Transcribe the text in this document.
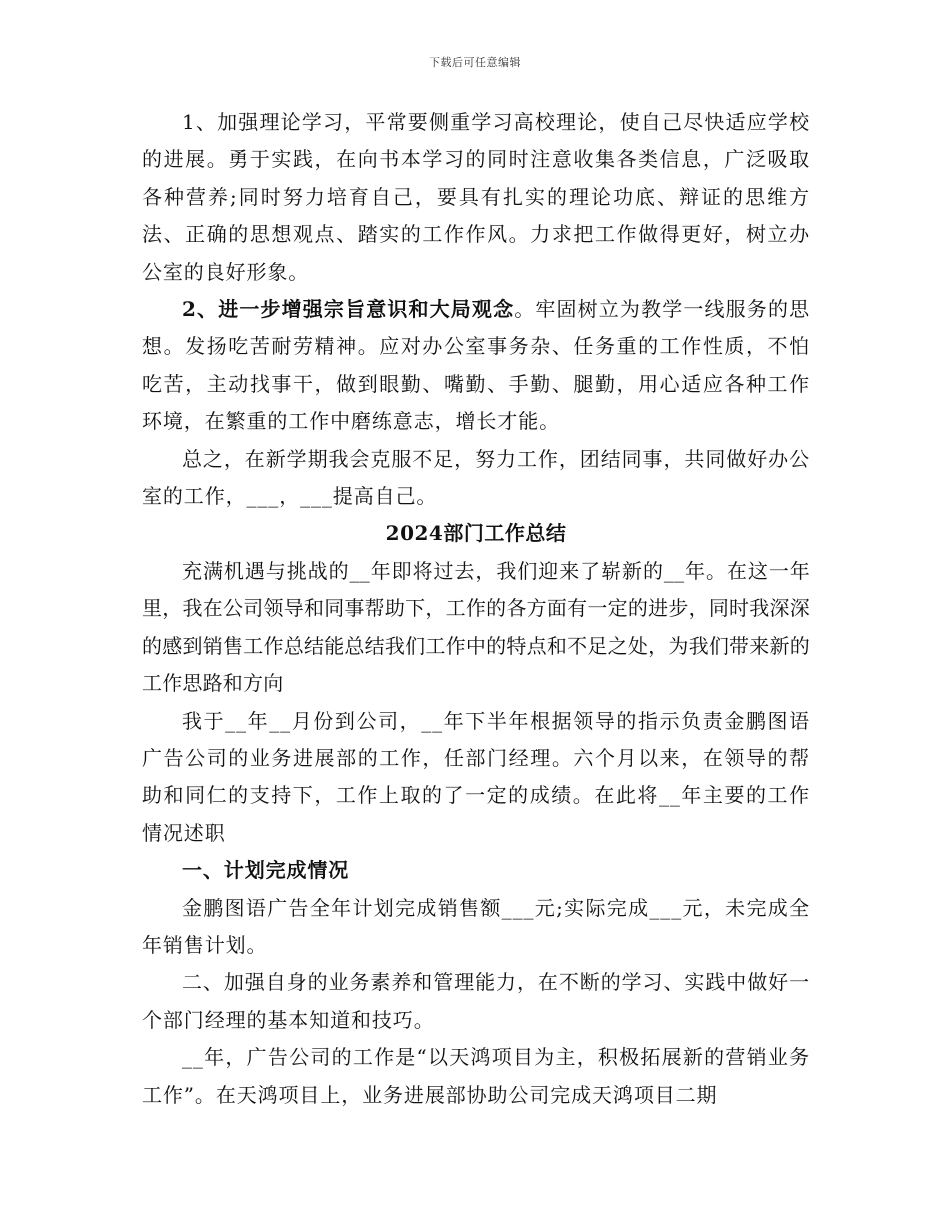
下载后可任意编辑

1、加强理论学习，平常要侧重学习高校理论，使自己尽快适应学校的进展。勇于实践，在向书本学习的同时注意收集各类信息，广泛吸取各种营养;同时努力培育自己，要具有扎实的理论功底、辩证的思维方法、正确的思想观点、踏实的工作作风。力求把工作做得更好，树立办公室的良好形象。

2、进一步增强宗旨意识和大局观念。牢固树立为教学一线服务的思想。发扬吃苦耐劳精神。应对办公室事务杂、任务重的工作性质，不怕吃苦，主动找事干，做到眼勤、嘴勤、手勤、腿勤，用心适应各种工作环境，在繁重的工作中磨练意志，增长才能。

总之，在新学期我会克服不足，努力工作，团结同事，共同做好办公室的工作，___，___提高自己。

2024部门工作总结

充满机遇与挑战的__年即将过去，我们迎来了崭新的__年。在这一年里，我在公司领导和同事帮助下，工作的各方面有一定的进步，同时我深深的感到销售工作总结能总结我们工作中的特点和不足之处，为我们带来新的工作思路和方向

我于__年__月份到公司，__年下半年根据领导的指示负责金鹏图语广告公司的业务进展部的工作，任部门经理。六个月以来，在领导的帮助和同仁的支持下，工作上取的了一定的成绩。在此将__年主要的工作情况述职

一、计划完成情况

金鹏图语广告全年计划完成销售额___元;实际完成___元，未完成全年销售计划。

二、加强自身的业务素养和管理能力，在不断的学习、实践中做好一个部门经理的基本知道和技巧。

__年，广告公司的工作是“以天鸿项目为主，积极拓展新的营销业务工作”。在天鸿项目上，业务进展部协助公司完成天鸿项目二期
